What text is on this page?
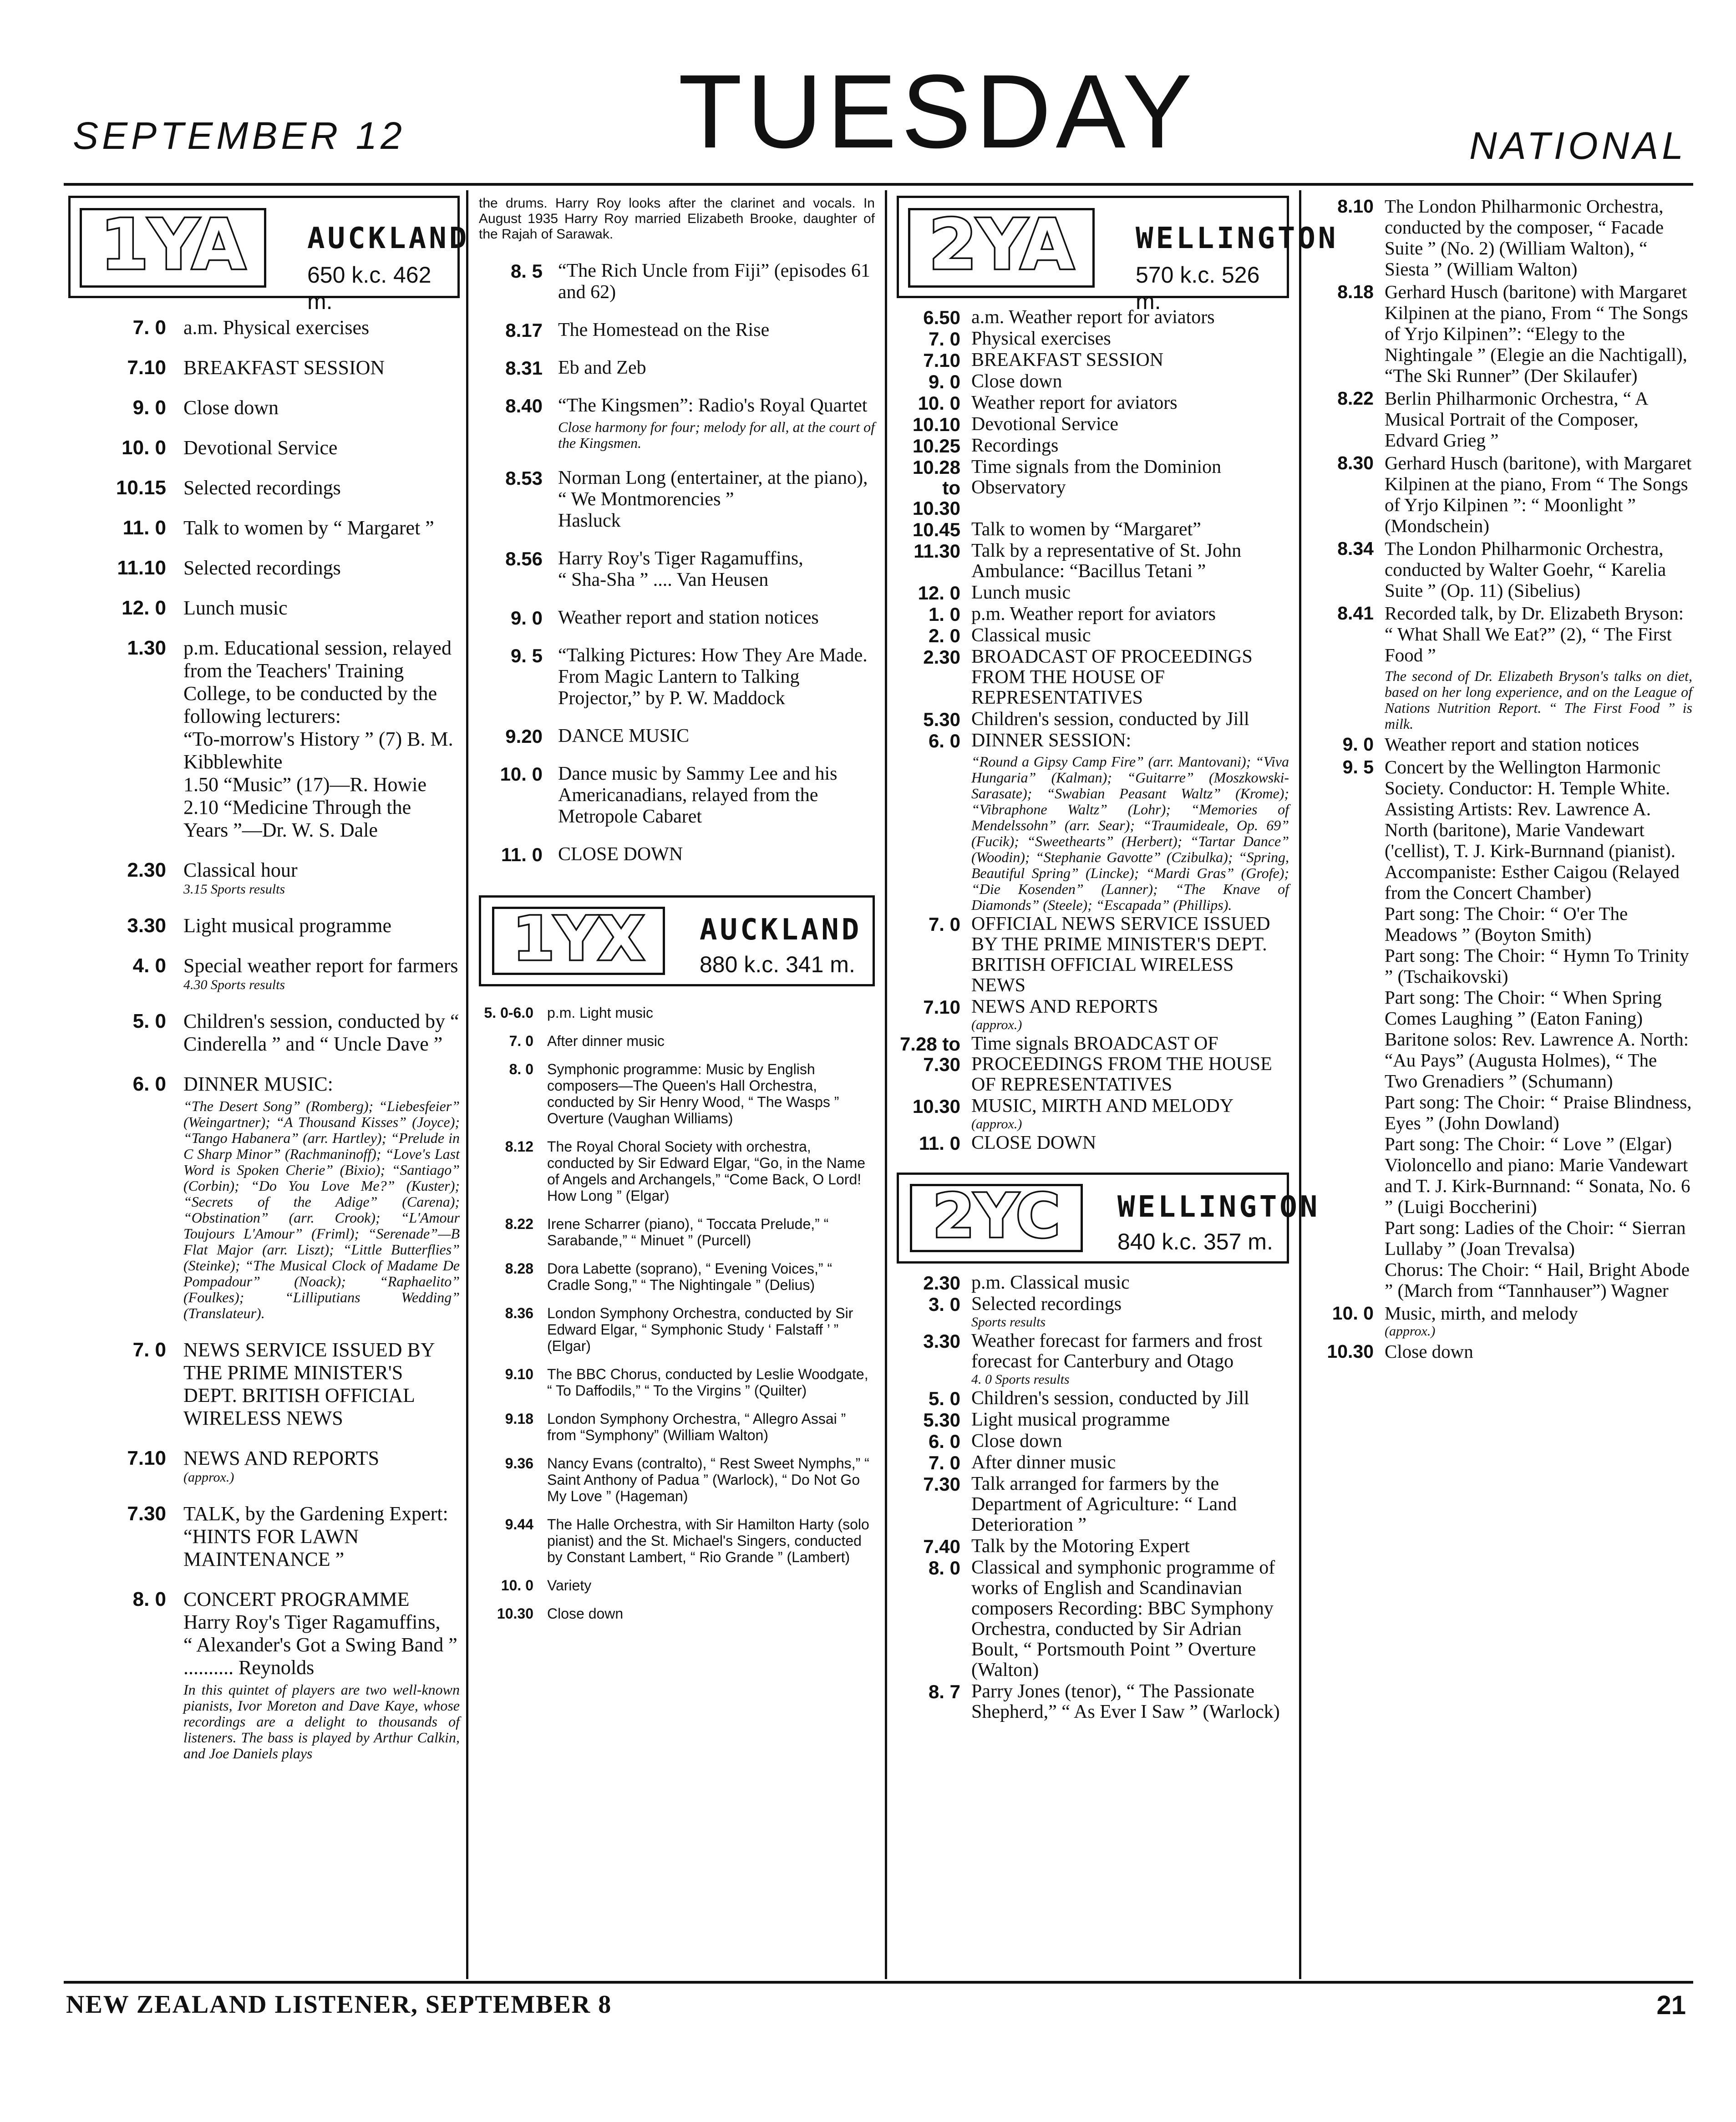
SEPTEMBER 12	TUESDAY	NATIONAL
1YA	AUCKLAND
650 k.c. 462 m.
7. 0 a.m. Physical exercises
7.10 BREAKFAST SESSION
9. 0 Close down
10. 0 Devotional Service
10.15 Selected recordings
11. 0 Talk to women by “ Margaret ”
11.10 Selected recordings
12. 0 Lunch music
1.30 p.m. Educational session, relayed from the Teachers' Training College, to be conducted by the following lecturers:
“To-morrow's History ” (7) B. M. Kibblewhite
1.50 “Music” (17)—R. Howie
2.10 “Medicine Through the Years ”—Dr. W. S. Dale
2.30 Classical hour
3.15 Sports results
3.30 Light musical programme
4. 0 Special weather report for farmers
4.30 Sports results
5. 0 Children's session, conducted by “ Cinderella ” and “ Uncle Dave ”
6. 0 DINNER MUSIC:
“The Desert Song” (Romberg); “Liebesfeier” (Weingartner); “A Thousand Kisses” (Joyce); “Tango Habanera” (arr. Hartley); “Prelude in C Sharp Minor” (Rachmaninoff); “Love's Last Word is Spoken Cherie” (Bixio); “Santiago” (Corbin); “Do You Love Me?” (Kuster); “Secrets of the Adige” (Carena); “Obstination” (arr. Crook); “L'Amour Toujours L'Amour” (Friml); “Serenade”—B Flat Major (arr. Liszt); “Little Butterflies” (Steinke); “The Musical Clock of Madame De Pompadour” (Noack); “Raphaelito” (Foulkes); “Lilliputians Wedding” (Translateur).
7. 0 NEWS SERVICE ISSUED BY THE PRIME MINISTER'S DEPT. BRITISH OFFICIAL WIRELESS NEWS
7.10 NEWS AND REPORTS
(approx.)
7.30 TALK, by the Gardening Expert: “HINTS FOR LAWN MAINTENANCE ”
8. 0 CONCERT PROGRAMME Harry Roy's Tiger Ragamuffins,
“ Alexander's Got a Swing Band ” .......... Reynolds
In this quintet of players are two well-known pianists, Ivor Moreton and Dave Kaye, whose recordings are a delight to thousands of listeners. The bass is played by Arthur Calkin, and Joe Daniels plays
the drums. Harry Roy looks after the clarinet and vocals. In August 1935 Harry Roy married Elizabeth Brooke, daughter of the Rajah of Sarawak.
8. 5 “The Rich Uncle from Fiji” (episodes 61 and 62)
8.17 The Homestead on the Rise
8.31 Eb and Zeb
8.40 “The Kingsmen”: Radio's Royal Quartet
Close harmony for four; melody for all, at the court of the Kingsmen.
8.53 Norman Long (entertainer, at the piano),
“ We Montmorencies ”
Hasluck
8.56 Harry Roy's Tiger Ragamuffins,
“ Sha-Sha ” .... Van Heusen
9. 0 Weather report and station notices
9. 5 “Talking Pictures: How They Are Made. From Magic Lantern to Talking Projector,” by P. W. Maddock
9.20 DANCE MUSIC
10. 0 Dance music by Sammy Lee and his Americanadians, relayed from the Metropole Cabaret
11. 0 CLOSE DOWN
1YX	AUCKLAND
880 k.c. 341 m.
5. 0-6.0 p.m. Light music
7. 0 After dinner music
8. 0 Symphonic programme: Music by English composers—The Queen's Hall Orchestra, conducted by Sir Henry Wood, “ The Wasps ” Overture (Vaughan Williams)
8.12 The Royal Choral Society with orchestra, conducted by Sir Edward Elgar, “Go, in the Name of Angels and Archangels,” “Come Back, O Lord! How Long ” (Elgar)
8.22 Irene Scharrer (piano), “ Toccata Prelude,” “ Sarabande,” “ Minuet ” (Purcell)
8.28 Dora Labette (soprano), “ Evening Voices,” “ Cradle Song,” “ The Nightingale ” (Delius)
8.36 London Symphony Orchestra, conducted by Sir Edward Elgar, “ Symphonic Study ‘ Falstaff ’ ” (Elgar)
9.10 The BBC Chorus, conducted by Leslie Woodgate, “ To Daffodils,” “ To the Virgins ” (Quilter)
9.18 London Symphony Orchestra, “ Allegro Assai ” from “Symphony” (William Walton)
9.36 Nancy Evans (contralto), “ Rest Sweet Nymphs,” “ Saint Anthony of Padua ” (Warlock), “ Do Not Go My Love ” (Hageman)
9.44 The Halle Orchestra, with Sir Hamilton Harty (solo pianist) and the St. Michael's Singers, conducted by Constant Lambert, “ Rio Grande ” (Lambert)
10. 0 Variety
10.30 Close down
2YA	WELLINGTON
570 k.c. 526 m.
6.50 a.m. Weather report for aviators
7. 0 Physical exercises
7.10 BREAKFAST SESSION
9. 0 Close down
10. 0 Weather report for aviators
10.10 Devotional Service
10.25 Recordings
10.28 to 10.30
Time signals from the Dominion Observatory
10.45 Talk to women by “Margaret”
11.30 Talk by a representative of St. John Ambulance: “Bacillus Tetani ”
12. 0 Lunch music
1. 0 p.m. Weather report for aviators
2. 0 Classical music
2.30 BROADCAST OF PROCEEDINGS FROM THE HOUSE OF REPRESENTATIVES
5.30 Children's session, conducted by Jill
6. 0 DINNER SESSION:
“Round a Gipsy Camp Fire” (arr. Mantovani); “Viva Hungaria” (Kalman); “Guitarre” (Moszkowski-Sarasate); “Swabian Peasant Waltz” (Krome); “Vibraphone Waltz” (Lohr); “Memories of Mendelssohn” (arr. Sear); “Traumideale, Op. 69” (Fucik); “Sweethearts” (Herbert); “Tartar Dance” (Woodin); “Stephanie Gavotte” (Czibulka); “Spring, Beautiful Spring” (Lincke); “Mardi Gras” (Grofe); “Die Kosenden” (Lanner); “The Knave of Diamonds” (Steele); “Escapada” (Phillips).
7. 0 OFFICIAL NEWS SERVICE ISSUED BY THE PRIME MINISTER'S DEPT. BRITISH OFFICIAL WIRELESS NEWS
7.10 NEWS AND REPORTS
(approx.)
7.28 to 7.30
Time signals BROADCAST OF PROCEEDINGS FROM THE HOUSE OF REPRESENTATIVES
10.30 MUSIC, MIRTH AND MELODY
(approx.)
11. 0 CLOSE DOWN
2YC	WELLINGTON
840 k.c. 357 m.
2.30 p.m. Classical music
3. 0 Selected recordings
Sports results
3.30 Weather forecast for farmers and frost forecast for Canterbury and Otago
4. 0 Sports results
5. 0 Children's session, conducted by Jill
5.30 Light musical programme
6. 0 Close down
7. 0 After dinner music
7.30 Talk arranged for farmers by the Department of Agriculture: “ Land Deterioration ”
7.40 Talk by the Motoring Expert
8. 0 Classical and symphonic programme of works of English and Scandinavian composers Recording: BBC Symphony Orchestra, conducted by Sir Adrian Boult, “ Portsmouth Point ” Overture (Walton)
8. 7 Parry Jones (tenor), “ The Passionate Shepherd,” “ As Ever I Saw ” (Warlock)
8.10 The London Philharmonic Orchestra, conducted by the composer, “ Facade Suite ” (No. 2) (William Walton), “ Siesta ” (William Walton)
8.18 Gerhard Husch (baritone) with Margaret Kilpinen at the piano, From “ The Songs of Yrjo Kilpinen”: “Elegy to the Nightingale ” (Elegie an die Nachtigall), “The Ski Runner” (Der Skilaufer)
8.22 Berlin Philharmonic Orchestra, “ A Musical Portrait of the Composer, Edvard Grieg ”
8.30 Gerhard Husch (baritone), with Margaret Kilpinen at the piano, From “ The Songs of Yrjo Kilpinen ”: “ Moonlight ” (Mondschein)
8.34 The London Philharmonic Orchestra, conducted by Walter Goehr, “ Karelia Suite ” (Op. 11) (Sibelius)
8.41 Recorded talk, by Dr. Elizabeth Bryson: “ What Shall We Eat?” (2), “ The First Food ”
The second of Dr. Elizabeth Bryson's talks on diet, based on her long experience, and on the League of Nations Nutrition Report. “ The First Food ” is milk.
9. 0 Weather report and station notices
9. 5 Concert by the Wellington Harmonic Society. Conductor: H. Temple White. Assisting Artists: Rev. Lawrence A. North (baritone), Marie Vandewart ('cellist), T. J. Kirk-Burnnand (pianist). Accompaniste: Esther Caigou (Relayed from the Concert Chamber)
Part song: The Choir: “ O'er The Meadows ” (Boyton Smith)
Part song: The Choir: “ Hymn To Trinity ” (Tschaikovski)
Part song: The Choir: “ When Spring Comes Laughing ” (Eaton Faning)
Baritone solos: Rev. Lawrence A. North: “Au Pays” (Augusta Holmes), “ The Two Grenadiers ” (Schumann)
Part song: The Choir: “ Praise Blindness, Eyes ” (John Dowland)
Part song: The Choir: “ Love ” (Elgar)
Violoncello and piano: Marie Vandewart and T. J. Kirk-Burnnand: “ Sonata, No. 6 ” (Luigi Boccherini)
Part song: Ladies of the Choir: “ Sierran Lullaby ” (Joan Trevalsa)
Chorus: The Choir: “ Hail, Bright Abode ” (March from “Tannhauser”) Wagner
10. 0 Music, mirth, and melody
(approx.)
10.30 Close down
NEW ZEALAND LISTENER, SEPTEMBER 8	21
